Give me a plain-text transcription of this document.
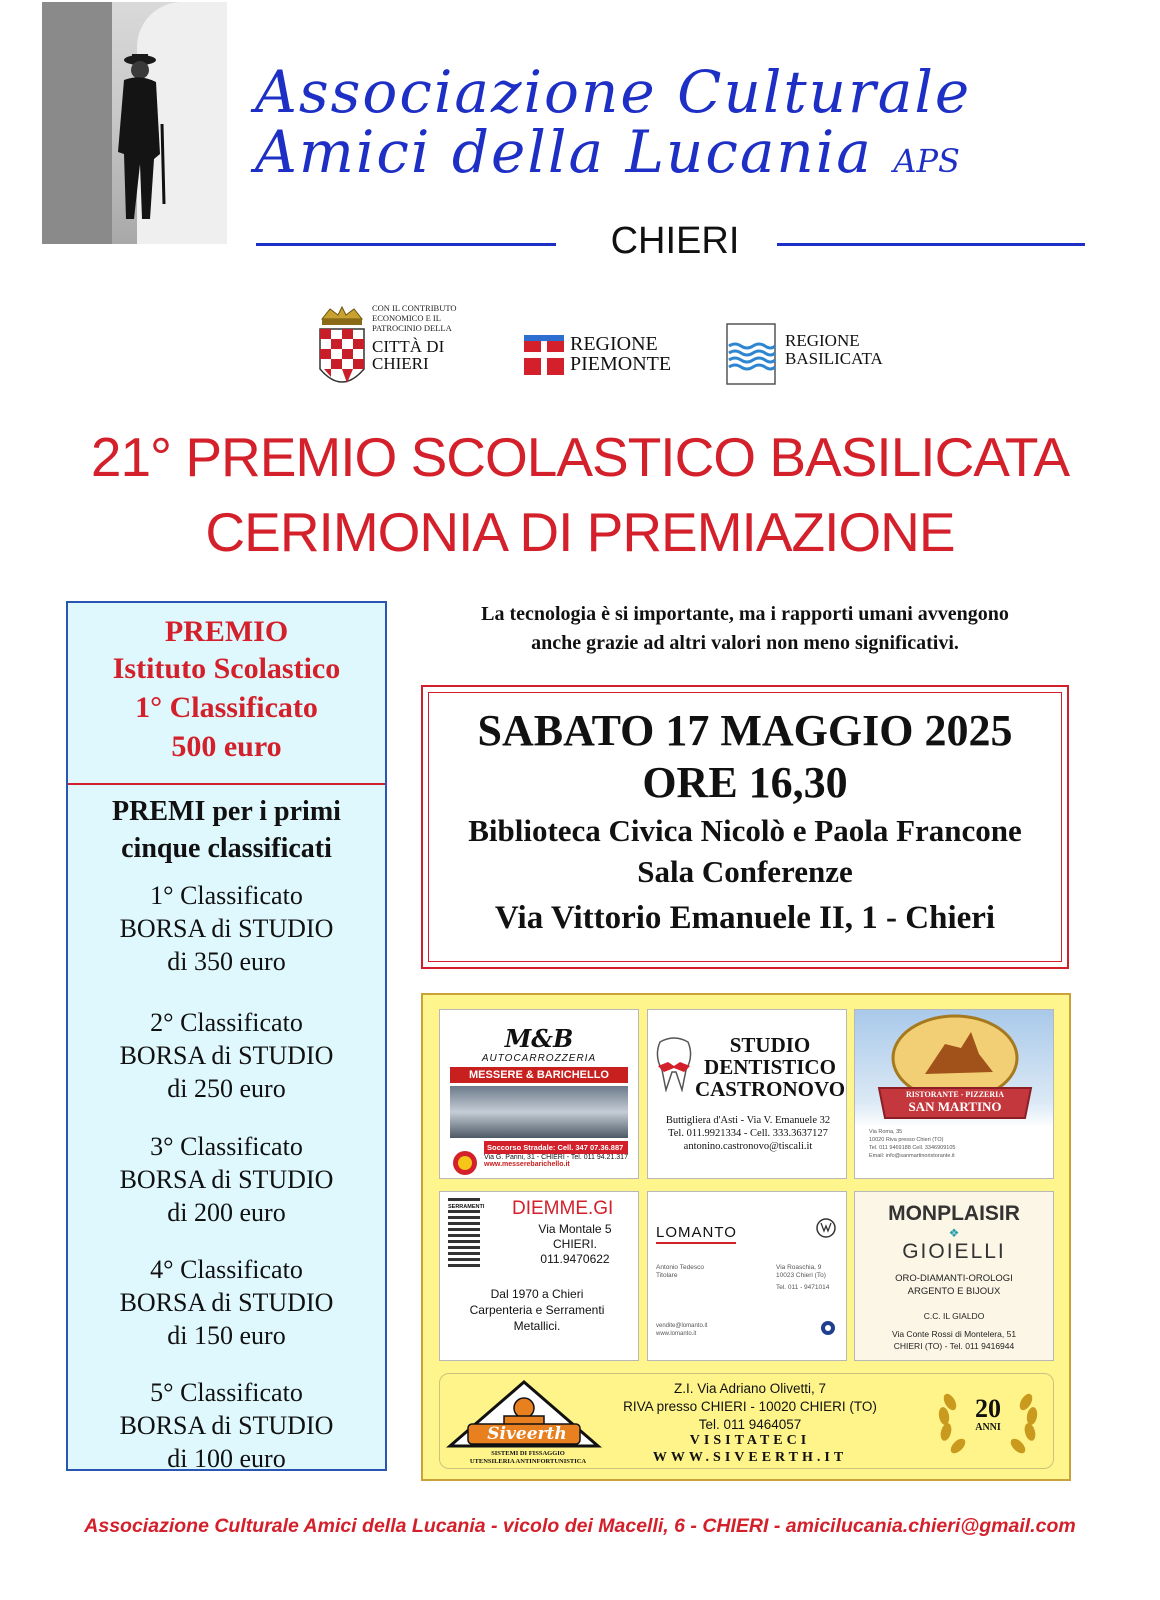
Associazione Culturale
Amici della Lucania APS
CHIERI
CON IL CONTRIBUTO ECONOMICO E IL PATROCINIO DELLA
CITTÀ DI
CHIERI
REGIONE
PIEMONTE
REGIONE
BASILICATA
21° PREMIO SCOLASTICO BASILICATA
CERIMONIA DI PREMIAZIONE
PREMIO
Istituto Scolastico
1° Classificato
500 euro
PREMI per i primi
cinque classificati
1° Classificato
BORSA di STUDIO
di 350 euro
2° Classificato
BORSA di STUDIO
di 250 euro
3° Classificato
BORSA di STUDIO
di 200 euro
4° Classificato
BORSA di STUDIO
di 150 euro
5° Classificato
BORSA di STUDIO
di 100 euro
La tecnologia è si importante, ma i rapporti umani avvengono
anche grazie ad altri valori non meno significativi.
SABATO 17 MAGGIO 2025
ORE 16,30
Biblioteca Civica Nicolò e Paola Francone
Sala Conferenze
Via Vittorio Emanuele II, 1 - Chieri
M&B
AUTOCARROZZERIA
MESSERE & BARICHELLO
Soccorso Stradale: Cell. 347 07.36.887
Via G. Parini, 31 - CHIERI - Tel. 011 94.21.317
www.messerebarichello.it
STUDIO
DENTISTICO
CASTRONOVO
Buttigliera d'Asti - Via V. Emanuele 32
Tel. 011.9921334 - Cell. 333.3637127
antonino.castronovo@tiscali.it
RISTORANTE - PIZZERIA
SAN MARTINO
Via Roma, 35
10020 Riva presso Chieri (TO)
Tel. 011 9469188 Cell. 3346909105
Email: info@sanmartinoristorante.it
SERRAMENTI DIEMME.GI
Via Montale 5
CHIERI.
011.9470622
Dal 1970 a Chieri
Carpenteria e Serramenti
Metallici.
LOMANTO
Antonio Tedesco
Titolare
Via Roaschia, 9
10023 Chieri (To)
Tel. 011 - 9471014
vendite@lomanto.it
www.lomanto.it
MONPLAISIR
❖
GIOIELLI
ORO-DIAMANTI-OROLOGI
ARGENTO E BIJOUX
C.C. IL GIALDO
Via Conte Rossi di Montelera, 51
CHIERI (TO) - Tel. 011 9416944
Siveerth
SISTEMI DI FISSAGGIO
UTENSILERIA ANTINFORTUNISTICA
Z.I. Via Adriano Olivetti, 7
RIVA presso CHIERI - 10020 CHIERI (TO)
Tel. 011 9464057
VISITATECI
WWW.SIVEERTH.IT
20
ANNI
Associazione Culturale Amici della Lucania - vicolo dei Macelli, 6 - CHIERI - amicilucania.chieri@gmail.com
